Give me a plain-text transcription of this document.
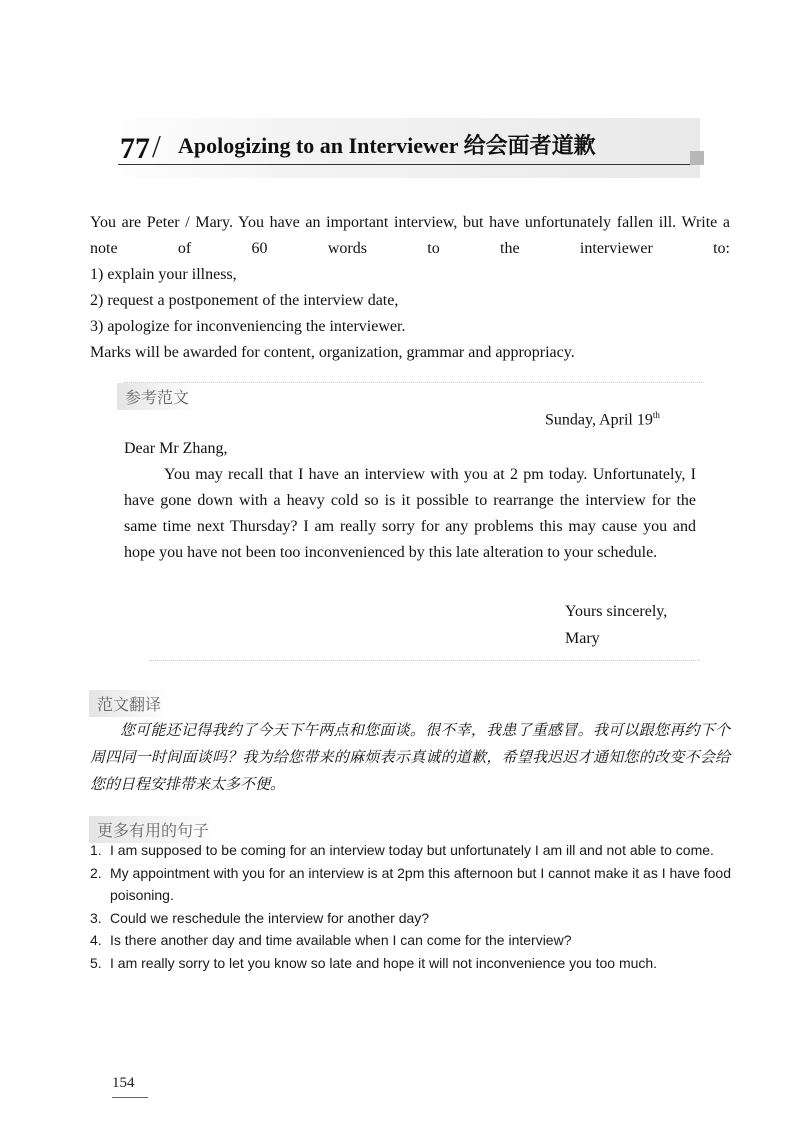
77 / Apologizing to an Interviewer 给会面者道歉

You are Peter / Mary. You have an important interview, but have unfortunately fallen ill. Write a note of 60 words to the interviewer to:

1) explain your illness,

2) request a postponement of the interview date,

3) apologize for inconveniencing the interviewer.

Marks will be awarded for content, organization, grammar and appropriacy.

参考范文
Sunday, April 19th

Dear Mr Zhang,

You may recall that I have an interview with you at 2 pm today. Unfortunately, I have gone down with a heavy cold so is it possible to rearrange the interview for the same time next Thursday? I am really sorry for any problems this may cause you and hope you have not been too inconvenienced by this late alteration to your schedule.

Yours sincerely,
Mary
范文翻译

您可能还记得我约了今天下午两点和您面谈。很不幸，我患了重感冒。我可以跟您再约下个周四同一时间面谈吗？我为给您带来的麻烦表示真诚的道歉，希望我迟迟才通知您的改变不会给您的日程安排带来太多不便。

更多有用的句子
1. I am supposed to be coming for an interview today but unfortunately I am ill and not able to come.
2. My appointment with you for an interview is at 2pm this afternoon but I cannot make it as I have food poisoning.
3. Could we reschedule the interview for another day?
4. Is there another day and time available when I can come for the interview?
5. I am really sorry to let you know so late and hope it will not inconvenience you too much.
154
